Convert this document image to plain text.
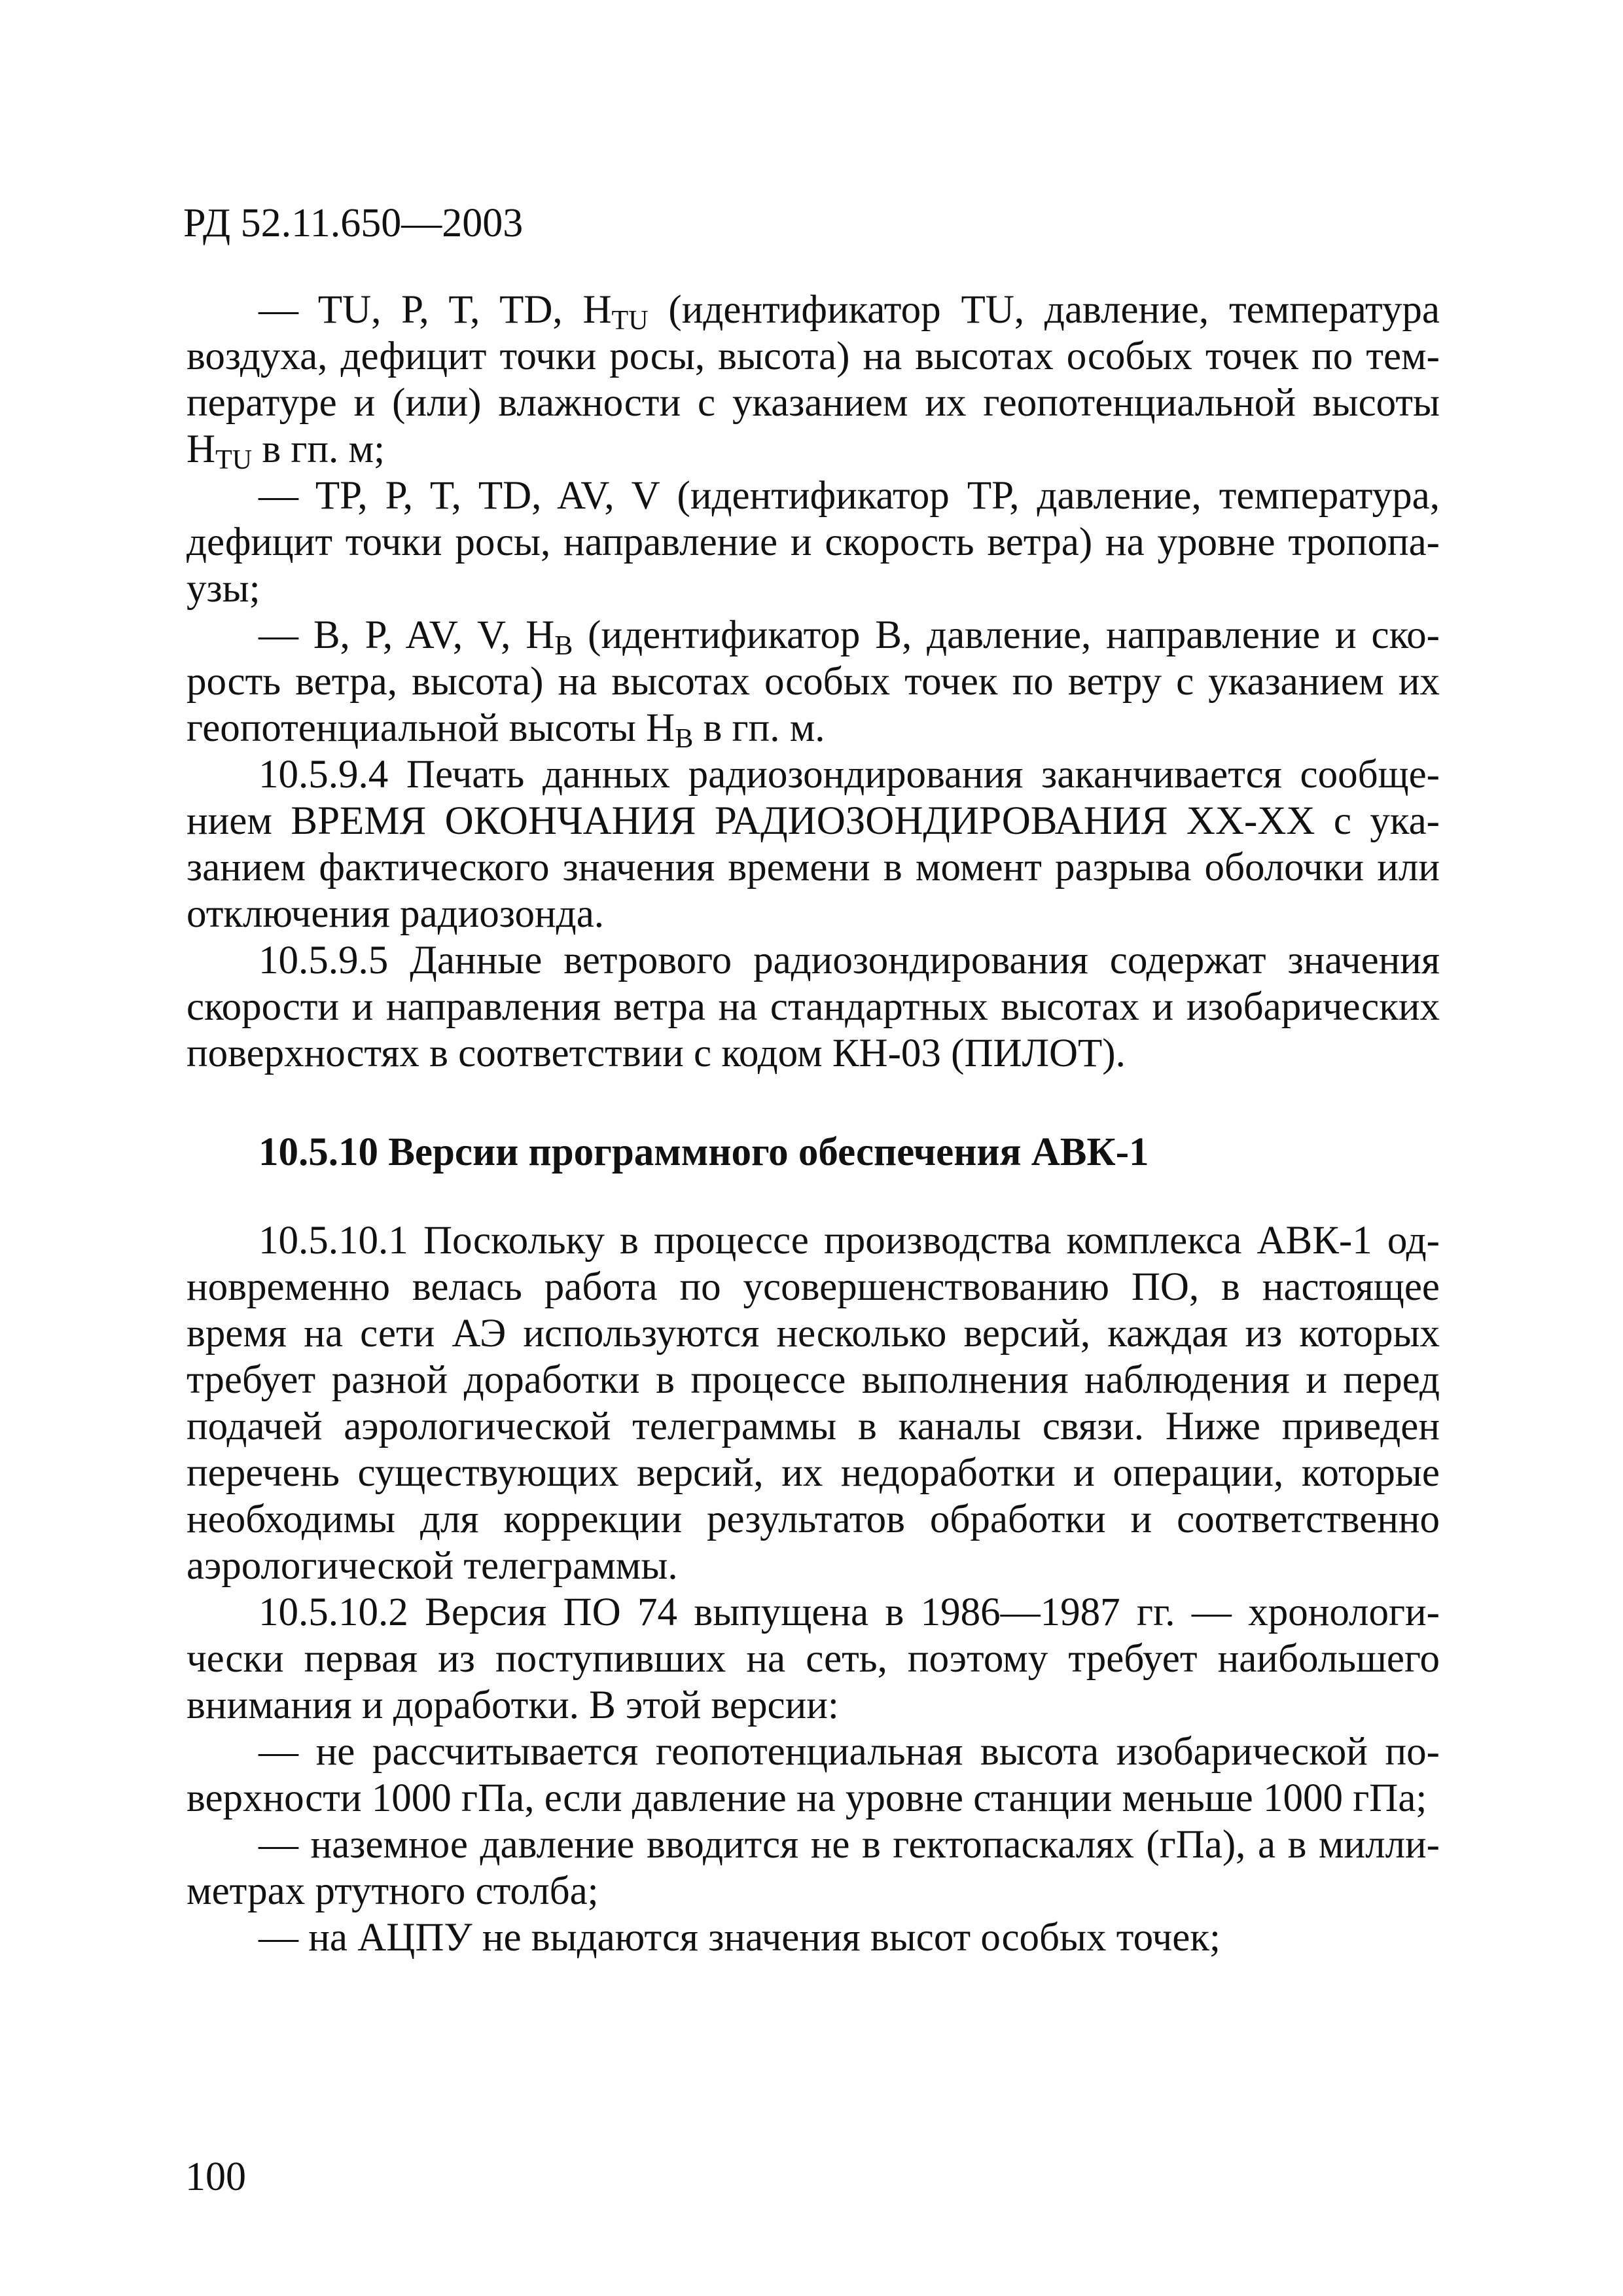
РД 52.11.650—2003

— TU, P, T, TD, $H_{TU}$ (идентификатор TU, давление, температура воздуха, дефицит точки росы, высота) на высотах особых точек по температуре и (или) влажности с указанием их геопотенциальной высоты $H_{TU}$ в гп. м;

— TP, P, T, TD, AV, V (идентификатор TP, давление, температура, дефицит точки росы, направление и скорость ветра) на уровне тропопаузы;

— B, P, AV, V, $H_B$ (идентификатор B, давление, направление и скорость ветра, высота) на высотах особых точек по ветру с указанием их геопотенциальной высоты $H_B$ в гп. м.

10.5.9.4 Печать данных радиозондирования заканчивается сообщением ВРЕМЯ ОКОНЧАНИЯ РАДИОЗОНДИРОВАНИЯ XX-XX с указанием фактического значения времени в момент разрыва оболочки или отключения радиозонда.

10.5.9.5 Данные ветрового радиозондирования содержат значения скорости и направления ветра на стандартных высотах и изобарических поверхностях в соответствии с кодом КН-03 (ПИЛОТ).

10.5.10 Версии программного обеспечения АВК-1

10.5.10.1 Поскольку в процессе производства комплекса АВК-1 одновременно велась работа по усовершенствованию ПО, в настоящее время на сети АЭ используются несколько версий, каждая из которых требует разной доработки в процессе выполнения наблюдения и перед подачей аэрологической телеграммы в каналы связи. Ниже приведен перечень существующих версий, их недоработки и операции, которые необходимы для коррекции результатов обработки и соответственно аэрологической телеграммы.

10.5.10.2 Версия ПО 74 выпущена в 1986—1987 гг. — хронологически первая из поступивших на сеть, поэтому требует наибольшего внимания и доработки. В этой версии:

— не рассчитывается геопотенциальная высота изобарической поверхности 1000 гПа, если давление на уровне станции меньше 1000 гПа;

— наземное давление вводится не в гектопаскалях (гПа), а в миллиметрах ртутного столба;

— на АЦПУ не выдаются значения высот особых точек;

100
